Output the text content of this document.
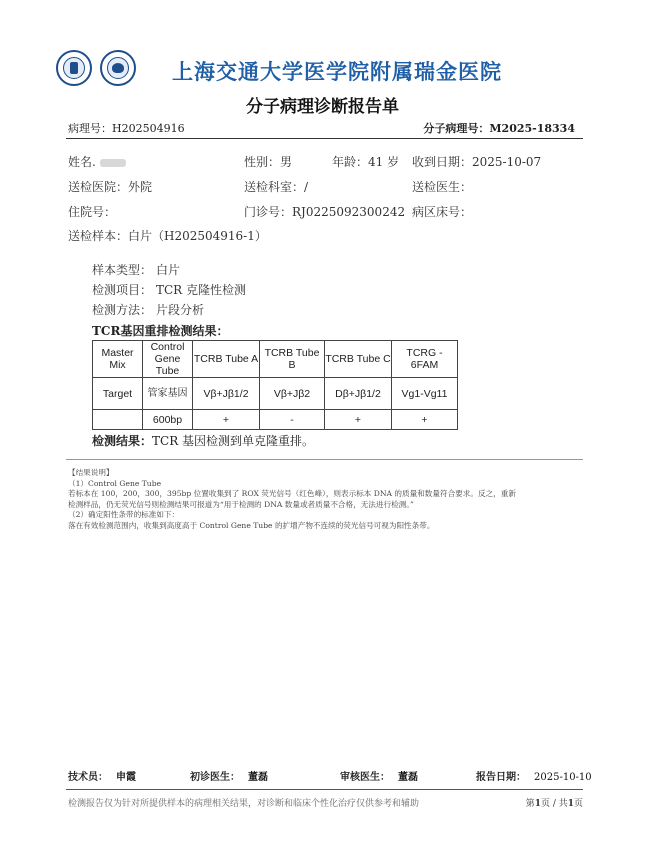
上海交通大学医学院附属瑞金医院
分子病理诊断报告单
病理号：H202504916	分子病理号：M2025-18334
姓名.	性别：男	年龄：41 岁 收到日期：2025-10-07
送检医院：外院	送检科室：/	送检医生：
住院号：	门诊号：RJ0225092300242 病区床号：
送检样本：白片（H202504916-1）
样本类型： 白片
检测项目： TCR 克隆性检测
检测方法： 片段分析
TCR基因重排检测结果：
Master Mix	Control Gene Tube	TCRB Tube A	TCRB Tube B	TCRB Tube C	TCRG - 6FAM
Target	管家基因	Vβ+Jβ1/2	Vβ+Jβ2	Dβ+Jβ1/2	Vg1-Vg11
	600bp	+	-	+	+
检测结果：TCR 基因检测到单克隆重排。
【结果说明】
（1）Control Gene Tube
若标本在 100，200，300，395bp 位置收集到了 ROX 荧光信号（红色峰），则表示标本 DNA 的质量和数量符合要求。反之，重新
检测样品，仍无荧光信号则检测结果可报道为“用于检测的 DNA 数量或者质量不合格，无法进行检测。”
（2）确定阳性条带的标准如下：
落在有效检测范围内，收集到高度高于 Control Gene Tube 的扩增产物不连续的荧光信号可视为阳性条带。
技术员： 申霞	初诊医生： 董磊	审核医生： 董磊	报告日期： 2025-10-10
检测报告仅为针对所提供样本的病理相关结果，对诊断和临床个性化治疗仅供参考和辅助	第1页 / 共1页
